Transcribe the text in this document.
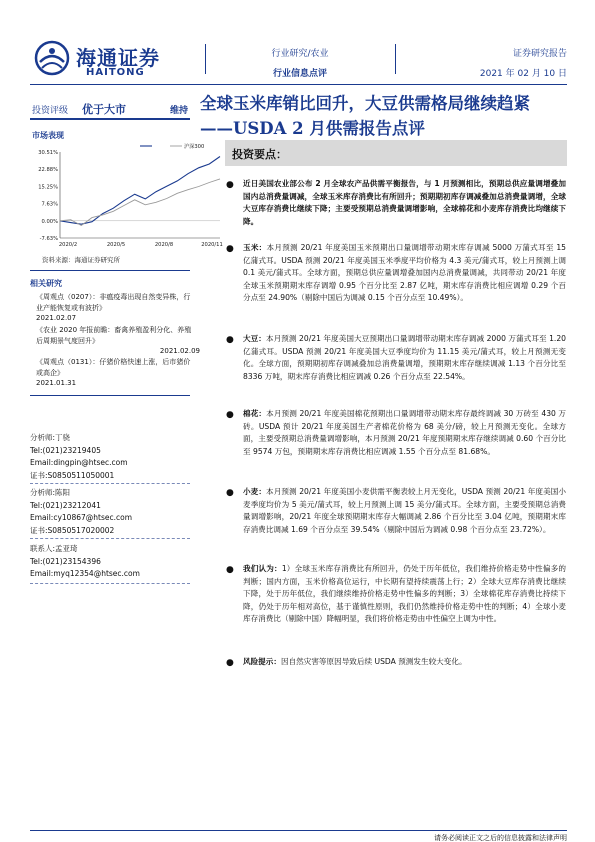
海通证券
HAITONG
行业研究/农业
行业信息点评
证券研究报告
2021 年 02 月 10 日
全球玉米库销比回升，大豆供需格局继续趋紧
——USDA 2 月供需报告点评
投资评级 优于大市	维持
市场表现
30.51%
22.88%
15.25%
7.63%
0.00%
-7.63%
2020/2	2020/5	2020/8	2020/11
沪深300
资料来源：海通证券研究所
相关研究
《周观点（0207）：非瘟疫毒出现自然变异株，行业产能恢复或有波折》
2021.02.07
《农业 2020 年报前瞻：畜禽养殖盈利分化、养殖后周期景气度回升》
2021.02.09
《周观点（0131）：仔猪价格快速上涨，后市猪价或高企》
2021.01.31
分析师:丁骁
Tel:(021)23219405
Email:dingpin@htsec.com
证书:S0850511050001
分析师:陈阳
Tel:(021)23212041
Email:cy10867@htsec.com
证书:S0850517020002
联系人:孟亚琦
Tel:(021)23154396
Email:myq12354@htsec.com
投资要点：
●	近日美国农业部公布 2 月全球农产品供需平衡报告，与 1 月预测相比，预期总供应量调增叠加国内总消费量调减，全球玉米库存消费比有所回升；预期期初库存调减叠加总消费量调增，全球大豆库存消费比继续下降；主要受预期总消费量调增影响，全球棉花和小麦库存消费比均继续下降。
●	玉米：本月预测 20/21 年度美国玉米预期出口量调增带动期末库存调减 5000 万蒲式耳至 15 亿蒲式耳。USDA 预测 20/21 年度美国玉米季度平均价格为 4.3 美元/蒲式耳，较上月预测上调 0.1 美元/蒲式耳。全球方面，预期总供应量调增叠加国内总消费量调减，共同带动 20/21 年度全球玉米预期期末库存调增 0.95 个百分比至 2.87 亿吨，期末库存消费比相应调增 0.29 个百分点至 24.90%（剔除中国后为调减 0.15 个百分点至 10.49%）。
●	大豆：本月预测 20/21 年度美国大豆预期出口量调增带动期末库存调减 2000 万蒲式耳至 1.20 亿蒲式耳。USDA 预测 20/21 年度美国大豆季度均价为 11.15 美元/蒲式耳，较上月预测无变化。全球方面，预期期初库存调减叠加总消费量调增，预期期末库存继续调减 1.13 个百分比至 8336 万吨，期末库存消费比相应调减 0.26 个百分点至 22.54%。
●	棉花：本月预测 20/21 年度美国棉花预期出口量调增带动期末库存最终调减 30 万砖至 430 万砖。USDA 预计 20/21 年度美国生产者棉花价格为 68 美分/磅，较上月预测无变化。全球方面，主要受预期总消费量调增影响，本月预测 20/21 年度预期期末库存继续调减 0.60 个百分比至 9574 万包，预期期末库存消费比相应调减 1.55 个百分点至 81.68%。
●	小麦：本月预测 20/21 年度美国小麦供需平衡表较上月无变化，USDA 预测 20/21 年度美国小麦季度均价为 5 美元/蒲式耳，较上月预测上调 15 美分/蒲式耳。全球方面，主要受预期总消费量调增影响，20/21 年度全球预期期末库存大幅调减 2.86 个百分比至 3.04 亿吨，预期期末库存消费比调减 1.69 个百分点至 39.54%（剔除中国后为调减 0.98 个百分点至 23.72%）。
●	我们认为：1）全球玉米库存消费比有所回升，仍处于历年低位，我们维持价格走势中性偏多的判断；国内方面，玉米价格高位运行，中长期有望持续震荡上行；2）全球大豆库存消费比继续下降，处于历年低位，我们继续维持价格走势中性偏多的判断；3）全球棉花库存消费比持续下降，仍处于历年相对高位，基于谨慎性原则，我们仍然维持价格走势中性的判断；4）全球小麦库存消费比（剔除中国）降幅明显，我们将价格走势由中性偏空上调为中性。
●	风险提示：因自然灾害等原因导致后续 USDA 预测发生较大变化。
请务必阅读正文之后的信息披露和法律声明
